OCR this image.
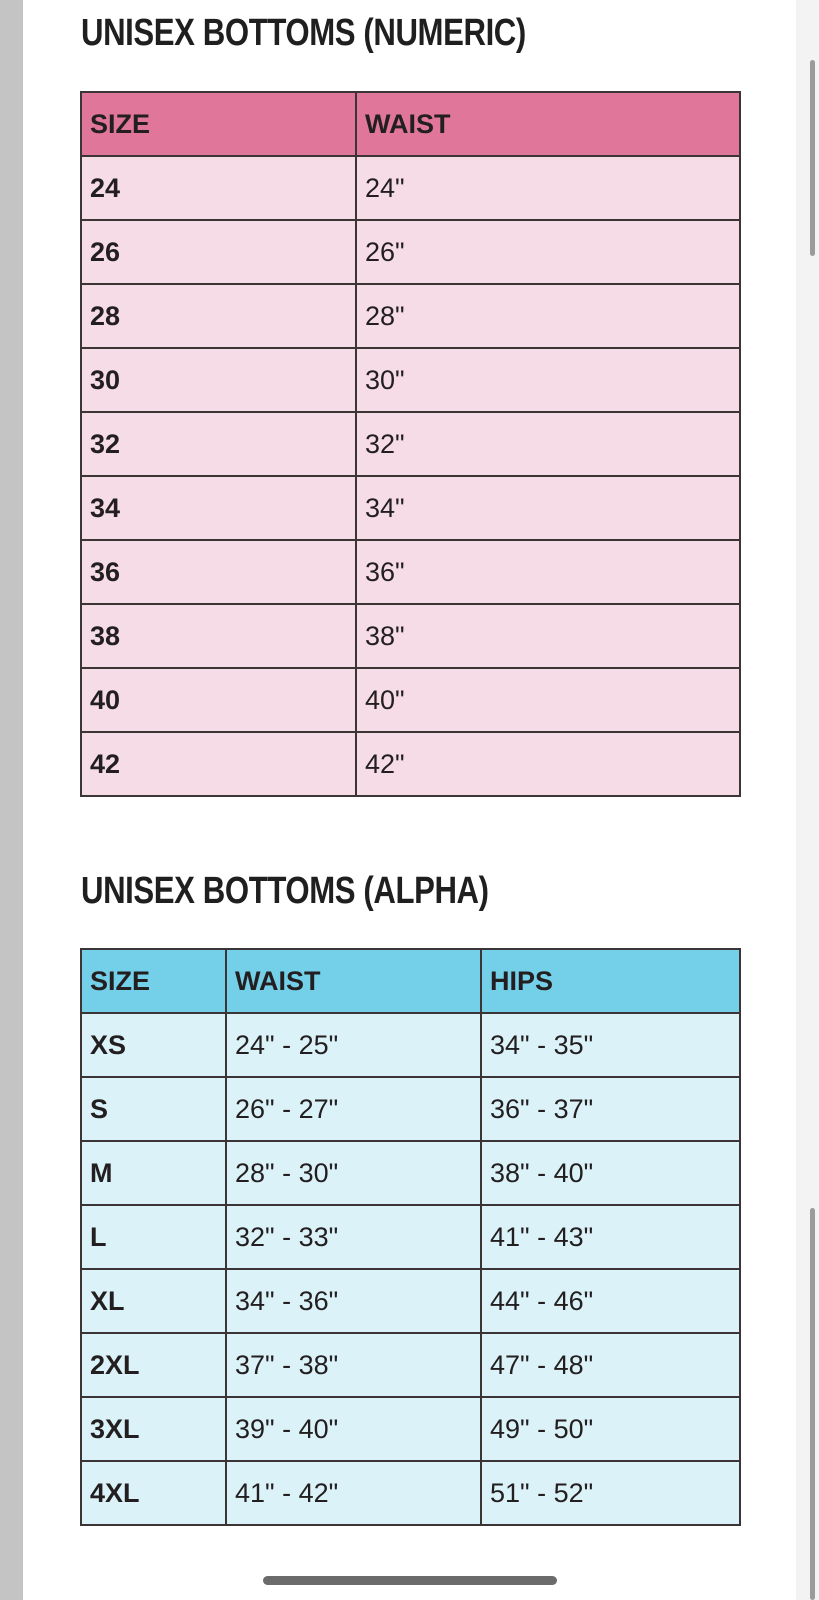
UNISEX BOTTOMS (NUMERIC)
SIZE	WAIST
24	24"
26	26"
28	28"
30	30"
32	32"
34	34"
36	36"
38	38"
40	40"
42	42"
UNISEX BOTTOMS (ALPHA)
SIZE	WAIST	HIPS
XS	24" - 25"	34" - 35"
S	26" - 27"	36" - 37"
M	28" - 30"	38" - 40"
L	32" - 33"	41" - 43"
XL	34" - 36"	44" - 46"
2XL	37" - 38"	47" - 48"
3XL	39" - 40"	49" - 50"
4XL	41" - 42"	51" - 52"
